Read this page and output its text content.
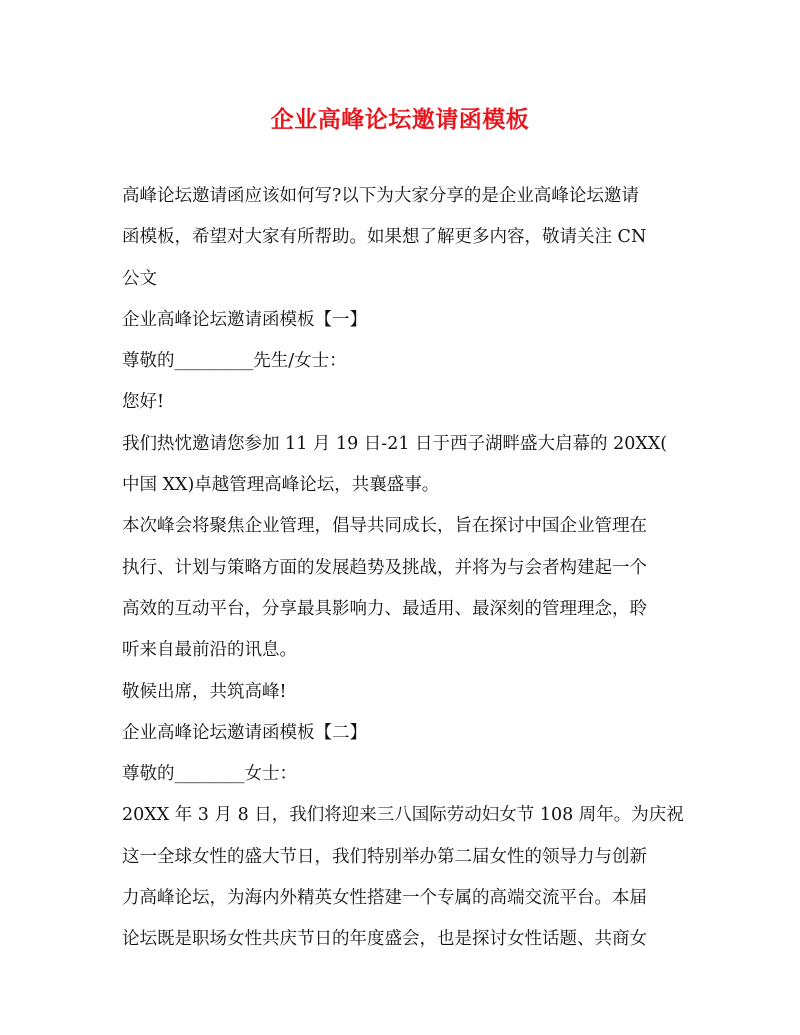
企业高峰论坛邀请函模板
高峰论坛邀请函应该如何写?以下为大家分享的是企业高峰论坛邀请
函模板，希望对大家有所帮助。如果想了解更多内容，敬请关注 CN
公文
企业高峰论坛邀请函模板【一】
尊敬的_________先生/女士：
您好!
我们热忱邀请您参加 11 月 19 日-21 日于西子湖畔盛大启幕的 20XX(
中国 XX)卓越管理高峰论坛，共襄盛事。
本次峰会将聚焦企业管理，倡导共同成长，旨在探讨中国企业管理在
执行、计划与策略方面的发展趋势及挑战，并将为与会者构建起一个
高效的互动平台，分享最具影响力、最适用、最深刻的管理理念，聆
听来自最前沿的讯息。
敬候出席，共筑高峰!
企业高峰论坛邀请函模板【二】
尊敬的________女士：
20XX 年 3 月 8 日，我们将迎来三八国际劳动妇女节 108 周年。为庆祝
这一全球女性的盛大节日，我们特别举办第二届女性的领导力与创新
力高峰论坛，为海内外精英女性搭建一个专属的高端交流平台。本届
论坛既是职场女性共庆节日的年度盛会，也是探讨女性话题、共商女
